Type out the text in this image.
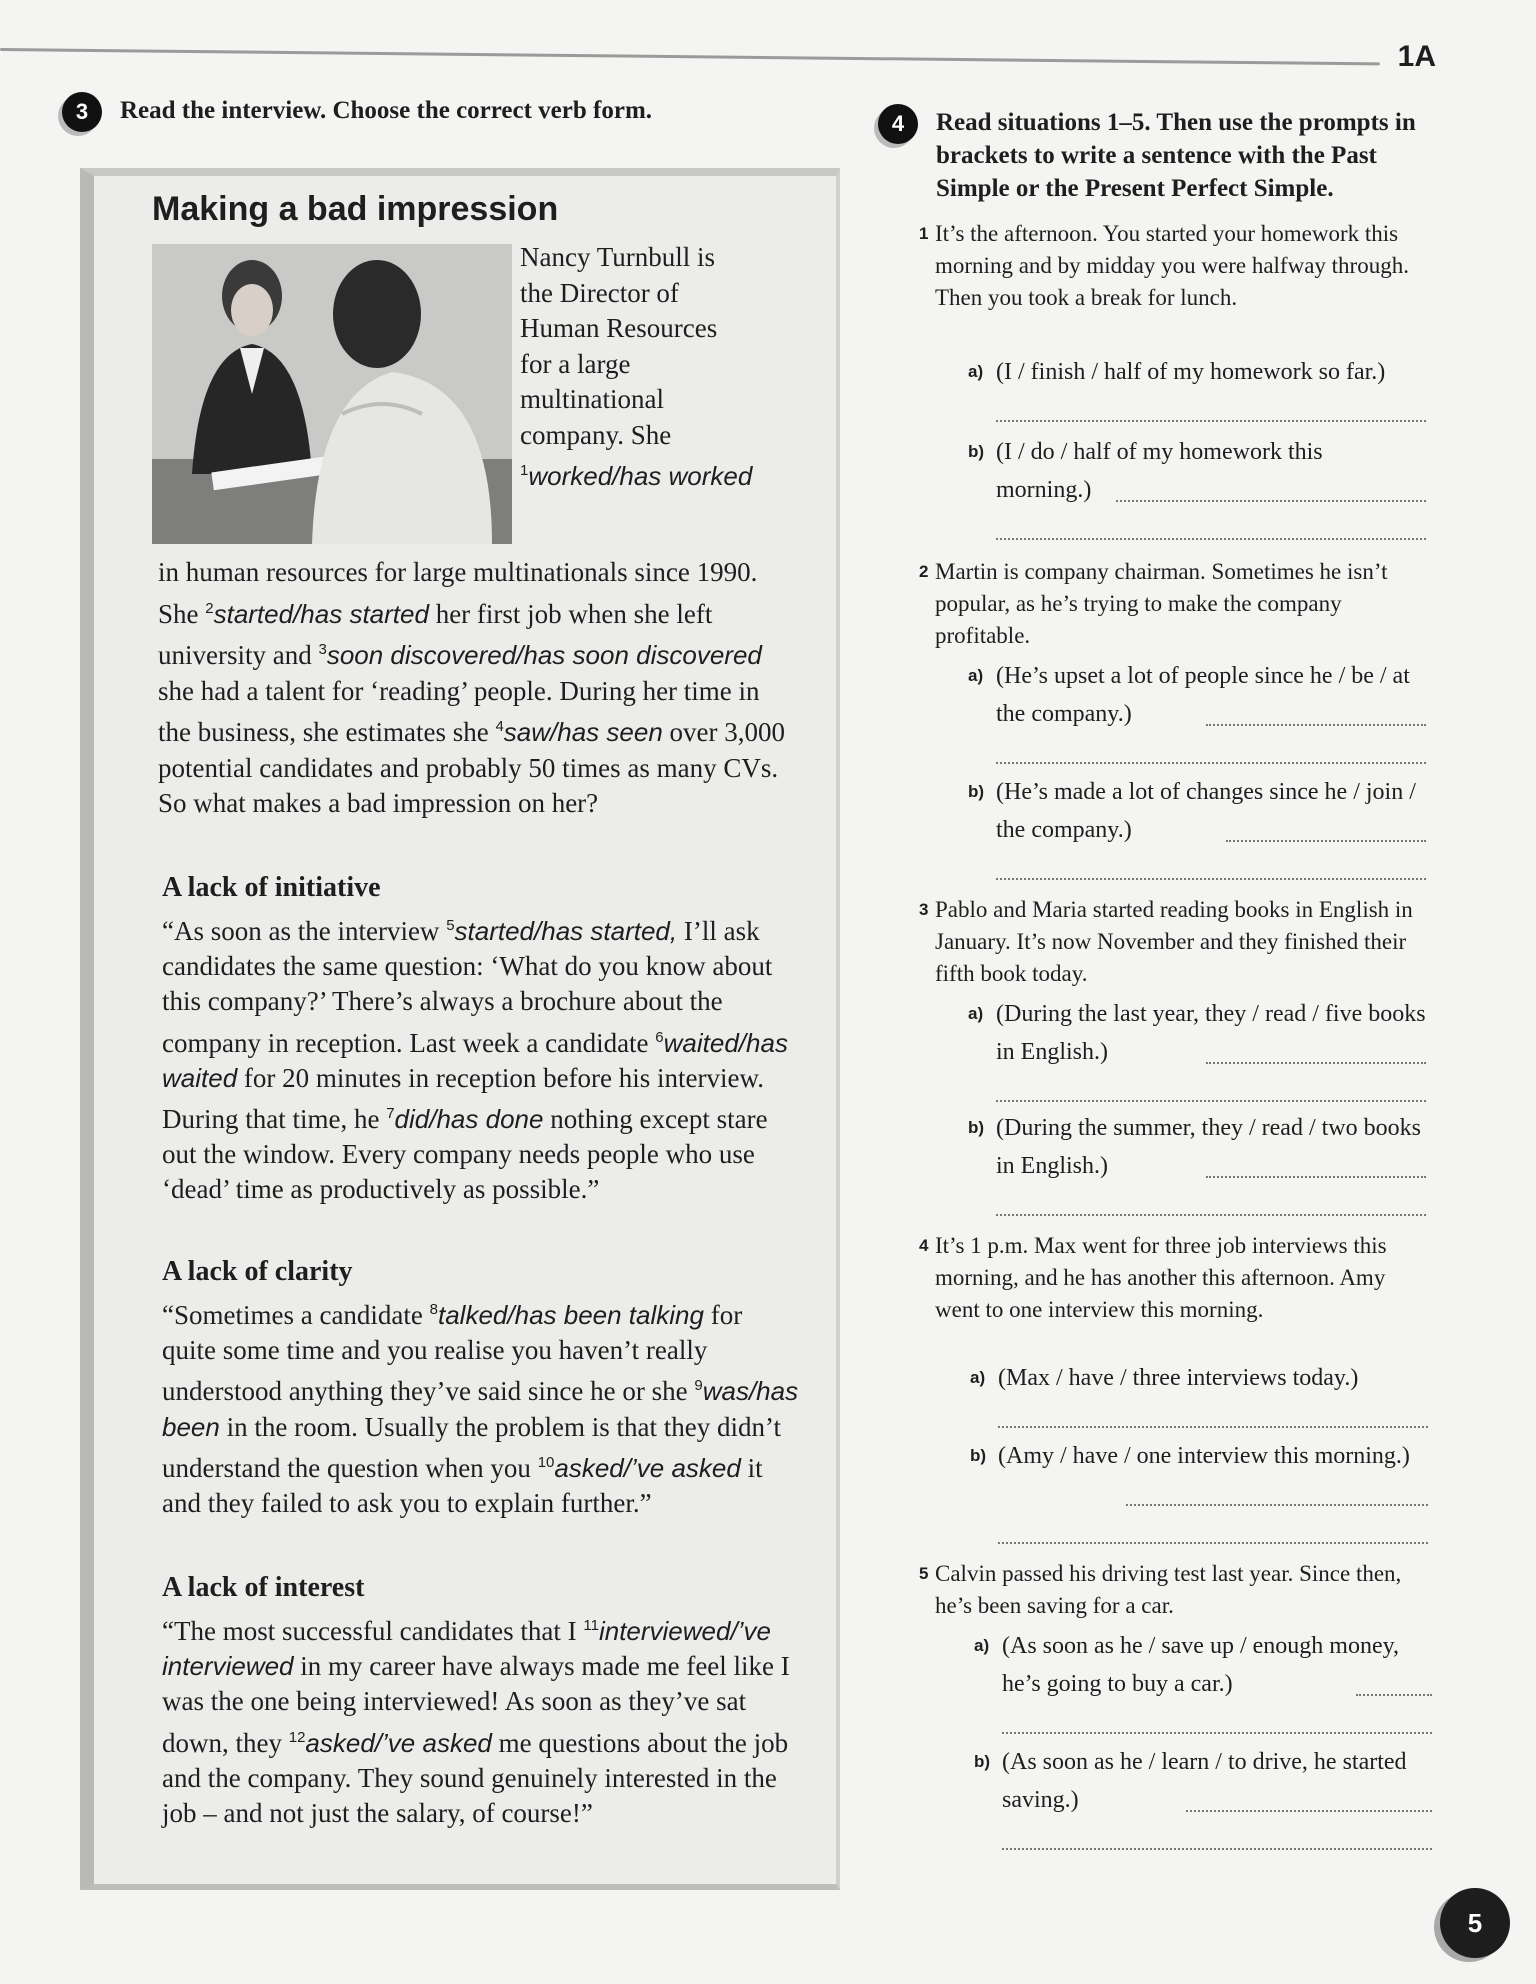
1A
3	Read the interview. Choose the correct verb form.
Making a bad impression
Nancy Turnbull is
the Director of
Human Resources
for a large
multinational
company. She
$^1$worked/has worked
in human resources for large multinationals since 1990. She $^2$started/has started her first job when she left university and $^3$soon discovered/has soon discovered she had a talent for ‘reading’ people. During her time in the business, she estimates she $^4$saw/has seen over 3,000 potential candidates and probably 50 times as many CVs. So what makes a bad impression on her?
A lack of initiative
“As soon as the interview $^5$started/has started, I’ll ask candidates the same question: ‘What do you know about this company?’ There’s always a brochure about the company in reception. Last week a candidate $^6$waited/has waited for 20 minutes in reception before his interview. During that time, he $^7$did/has done nothing except stare out the window. Every company needs people who use ‘dead’ time as productively as possible.”
A lack of clarity
“Sometimes a candidate $^8$talked/has been talking for quite some time and you realise you haven’t really understood anything they’ve said since he or she $^9$was/has been in the room. Usually the problem is that they didn’t understand the question when you $^{10}$asked/’ve asked it and they failed to ask you to explain further.”
A lack of interest
“The most successful candidates that I $^{11}$interviewed/’ve interviewed in my career have always made me feel like I was the one being interviewed! As soon as they’ve sat down, they $^{12}$asked/’ve asked me questions about the job and the company. They sound genuinely interested in the job – and not just the salary, of course!”
4	Read situations 1–5. Then use the prompts in brackets to write a sentence with the Past Simple or the Present Perfect Simple.
1 It’s the afternoon. You started your homework this morning and by midday you were halfway through. Then you took a break for lunch.
a) (I / finish / half of my homework so far.)
b) (I / do / half of my homework this morning.)
2 Martin is company chairman. Sometimes he isn’t popular, as he’s trying to make the company profitable.
a) (He’s upset a lot of people since he / be / at the company.)
b) (He’s made a lot of changes since he / join / the company.)
3 Pablo and Maria started reading books in English in January. It’s now November and they finished their fifth book today.
a) (During the last year, they / read / five books in English.)
b) (During the summer, they / read / two books in English.)
4 It’s 1 p.m. Max went for three job interviews this morning, and he has another this afternoon. Amy went to one interview this morning.
a) (Max / have / three interviews today.)
b) (Amy / have / one interview this morning.)
5 Calvin passed his driving test last year. Since then, he’s been saving for a car.
a) (As soon as he / save up / enough money, he’s going to buy a car.)
b) (As soon as he / learn / to drive, he started saving.)
5
